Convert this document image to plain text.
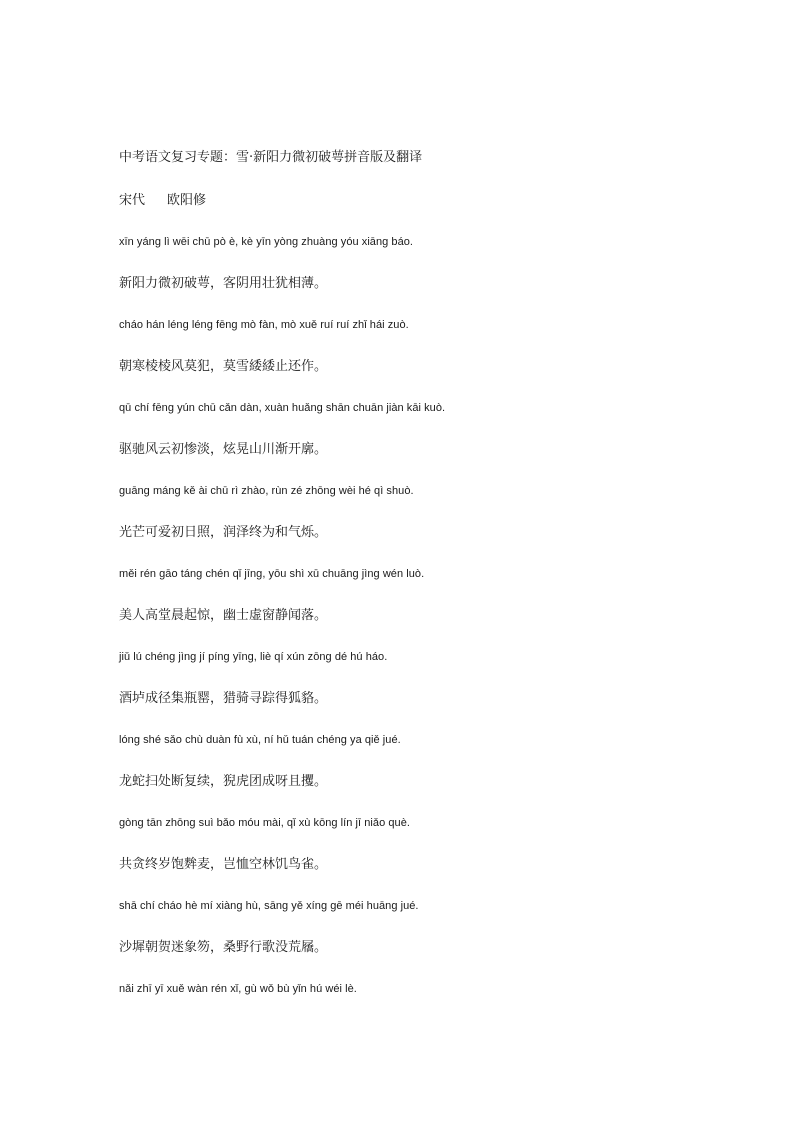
中考语文复习专题：雪·新阳力微初破萼拼音版及翻译
宋代 欧阳修
xīn yáng lì wēi chū pò è, kè yīn yòng zhuàng yóu xiāng báo.
新阳力微初破萼，客阴用壮犹相薄。
cháo hán léng léng fēng mò fàn, mò xuě ruí ruí zhǐ hái zuò.
朝寒棱棱风莫犯，莫雪緌緌止还作。
qū chí fēng yún chū cǎn dàn, xuàn huǎng shān chuān jiàn kāi kuò.
驱驰风云初惨淡，炫晃山川渐开廓。
guāng máng kě ài chū rì zhào, rùn zé zhōng wèi hé qì shuò.
光芒可爱初日照，润泽终为和气烁。
měi rén gāo táng chén qǐ jīng, yōu shì xū chuāng jìng wén luò.
美人高堂晨起惊，幽士虚窗静闻落。
jiǔ lú chéng jìng jí píng yīng, liè qí xún zōng dé hú háo.
酒垆成径集瓶罂，猎骑寻踪得狐貉。
lóng shé sǎo chù duàn fù xù, ní hǔ tuán chéng ya qiě jué.
龙蛇扫处断复续，猊虎团成呀且攫。
gòng tān zhōng suì bǎo móu mài, qǐ xù kōng lín jī niǎo què.
共贪终岁饱麰麦，岂恤空林饥鸟雀。
shā chí cháo hè mí xiàng hù, sāng yě xíng gē méi huāng jué.
沙墀朝贺迷象笏，桑野行歌没荒屩。
nǎi zhī yī xuě wàn rén xǐ, gù wǒ bù yǐn hú wéi lè.
